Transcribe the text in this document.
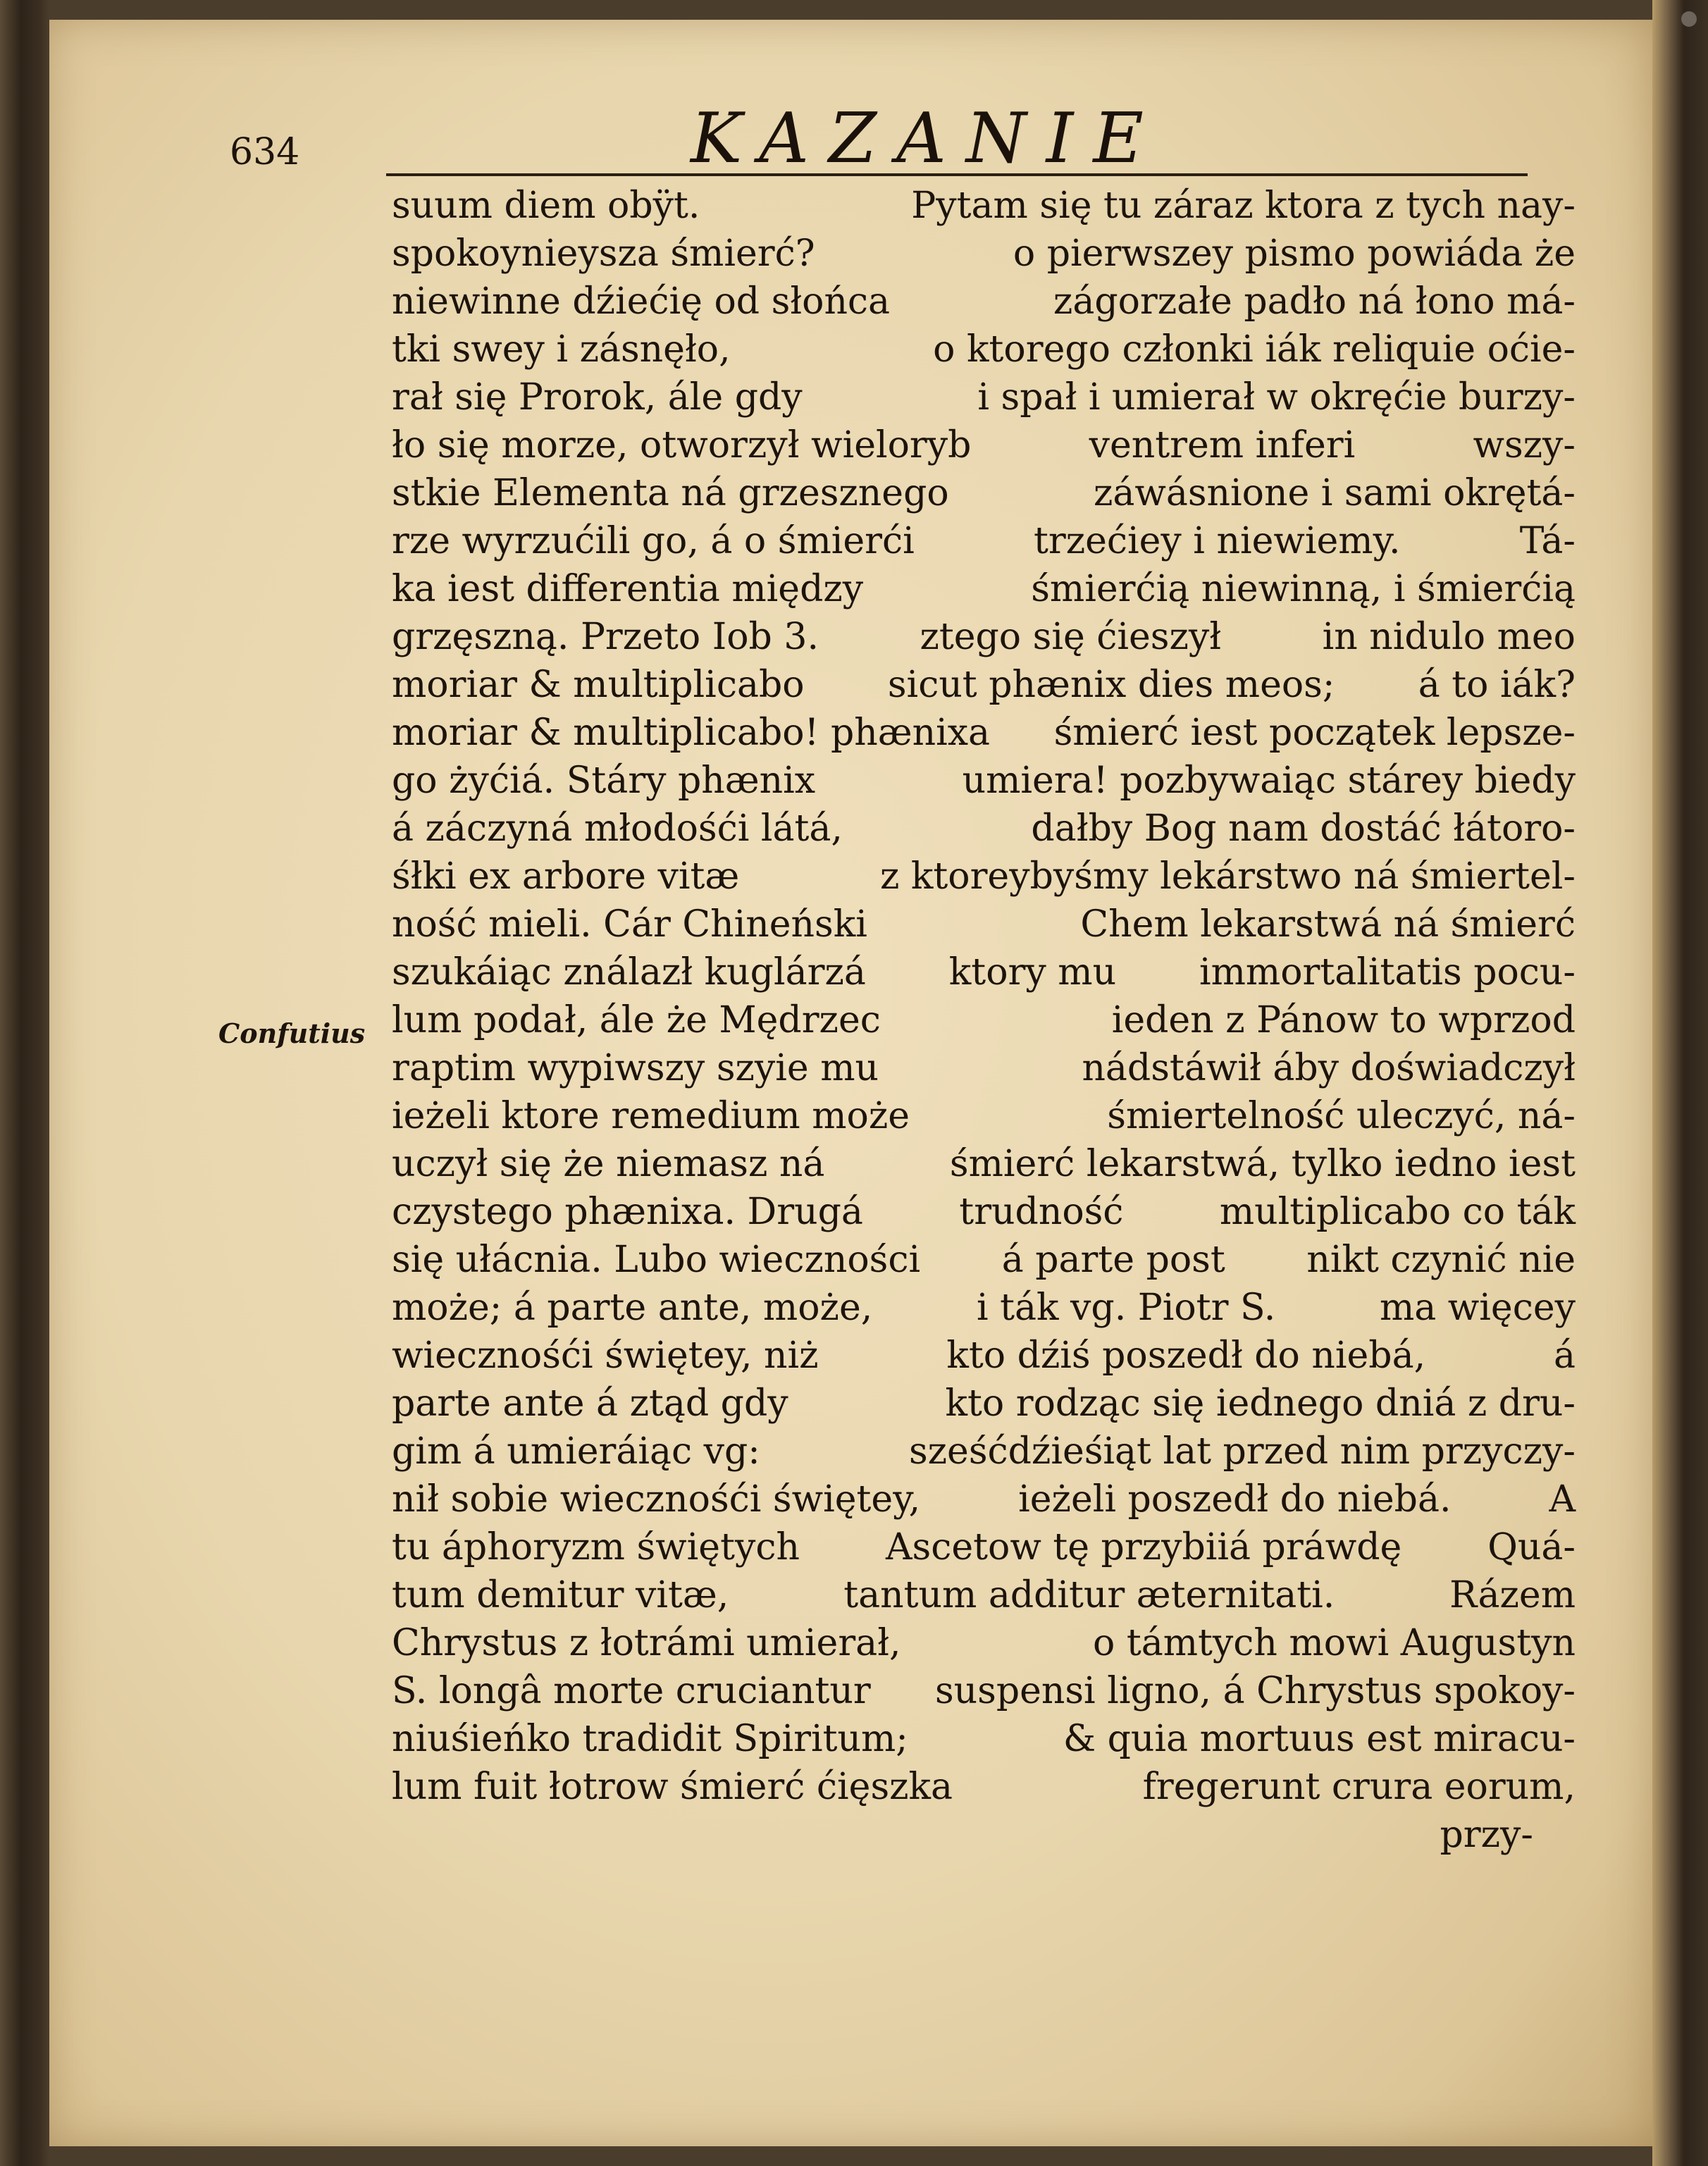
634	KAZANIE
suum diem obÿt.	Pytam się tu záraz ktora z tych nay-
spokoynieysza śmierć?	o pierwszey pismo powiáda że
niewinne dźiećię od słońca	zágorzałe padło ná łono má-
tki swey i zásnęło,	o ktorego członki iák reliquie oćie-
rał się Prorok, ále gdy	i spał i umierał w okręćie burzy-
ło się morze, otworzył wieloryb	ventrem inferi	wszy-
stkie Elementa ná grzesznego	záwásnione i sami okrętá-
rze wyrzućili go, á o śmierći	trzećiey i niewiemy.	Tá-
ka iest differentia między	śmierćią niewinną, i śmierćią
grzęszną. Przeto Iob 3.	ztego się ćieszył	in nidulo meo
moriar & multiplicabo sicut phænix dies meos; á to iák?
moriar & multiplicabo! phænixa śmierć iest początek lepsze-
go żyćiá. Stáry phænix	umiera! pozbywaiąc stárey biedy
á záczyná młodośći látá,	dałby Bog nam dostáć łátoro-
śłki ex arbore vitæ	z ktoreybyśmy lekárstwo ná śmiertel-
ność mieli. Cár Chineński	Chem lekarstwá ná śmierć
szukáiąc ználazł kuglárzá ktory mu immortalitatis pocu-
lum podał, ále że Mędrzec	ieden z Pánow to wprzod
raptim wypiwszy szyie mu	nádstáwił áby doświadczył
ieżeli ktore remedium może	śmiertelność uleczyć, ná-
uczył się że niemasz ná	śmierć lekarstwá, tylko iedno iest
czystego phænixa. Drugá	trudność	multiplicabo co ták
się ułácnia. Lubo wieczności á parte post nikt czynić nie
może; á parte ante, może,	i ták vg. Piotr S.	ma więcey
wiecznośći świętey, niż	kto dźiś poszedł do niebá,	á
parte ante á ztąd gdy	kto rodząc się iednego dniá z dru-
gim á umieráiąc vg:	sześćdźieśiąt lat przed nim przyczy-
nił sobie wiecznośći świętey,	ieżeli poszedł do niebá.	A
tu áphoryzm świętych Ascetow tę przybiiá práwdę Quá-
tum demitur vitæ,	tantum additur æternitati.	Rázem
Chrystus z łotrámi umierał,	o támtych mowi Augustyn
S. longâ morte cruciantur suspensi ligno, á Chrystus spokoy-
niuśieńko tradidit Spiritum;	& quia mortuus est miracu-
lum fuit łotrow śmierć ćięszka	fregerunt crura eorum,
przy-
Confutius
